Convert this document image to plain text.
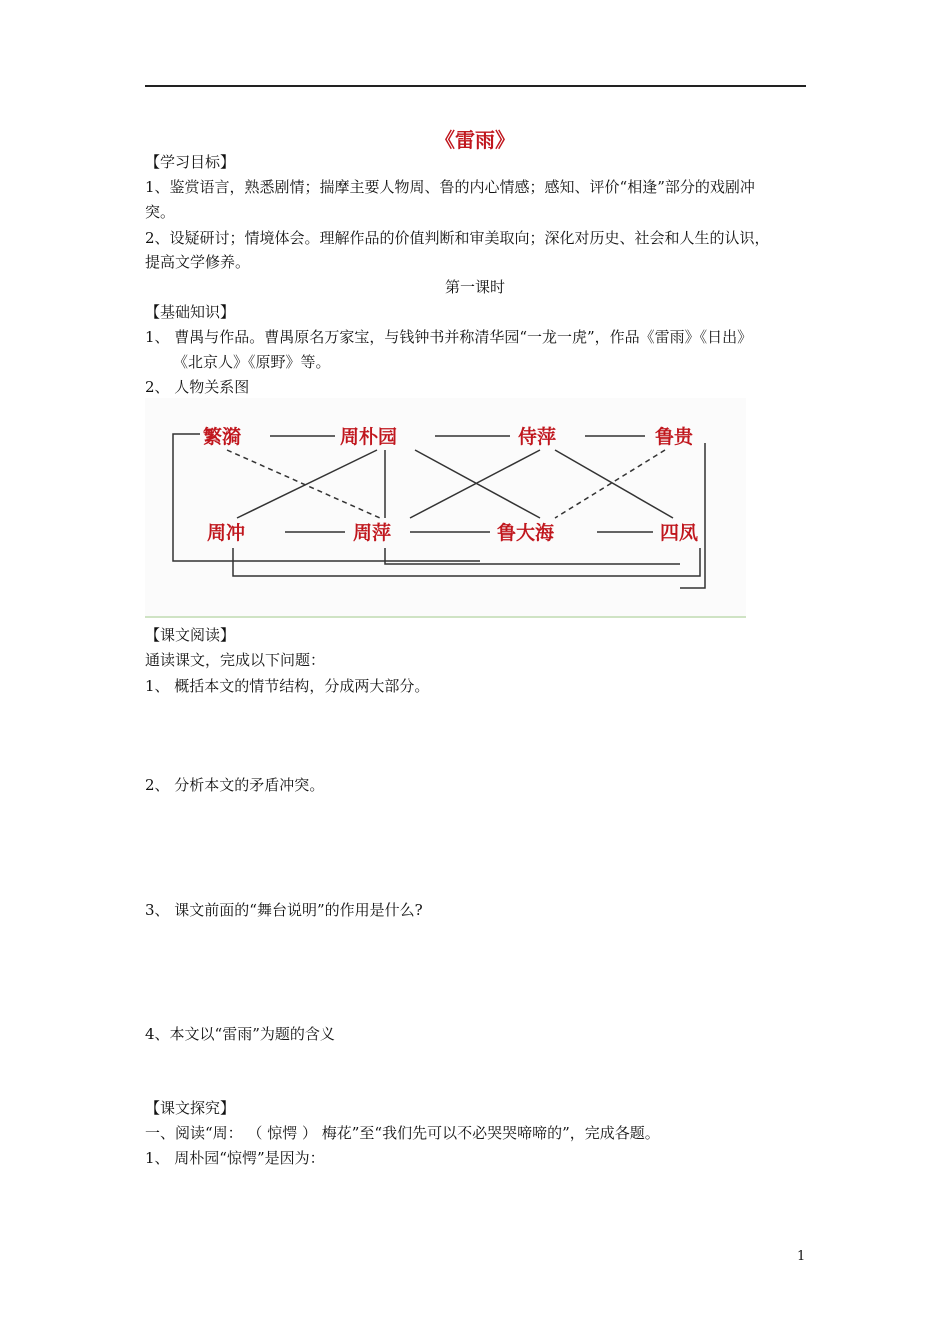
《雷雨》
【学习目标】
1、鉴赏语言，熟悉剧情；揣摩主要人物周、鲁的内心情感；感知、评价“相逢”部分的戏剧冲
突。
2、设疑研讨；情境体会。理解作品的价值判断和审美取向；深化对历史、社会和人生的认识，
提高文学修养。
第一课时
【基础知识】
1、 曹禺与作品。曹禺原名万家宝，与钱钟书并称清华园“一龙一虎”，作品《雷雨》《日出》
《北京人》《原野》等。
2、 人物关系图
繁漪	周朴园	侍萍	鲁贵
周冲	周萍	鲁大海	四凤
【课文阅读】
通读课文，完成以下问题：
1、 概括本文的情节结构，分成两大部分。
2、 分析本文的矛盾冲突。
3、 课文前面的“舞台说明”的作用是什么?
4、本文以“雷雨”为题的含义
【课文探究】
一、阅读“周： （ 惊愕 ） 梅花”至“我们先可以不必哭哭啼啼的”，完成各题。
1、 周朴园“惊愕”是因为：
1
